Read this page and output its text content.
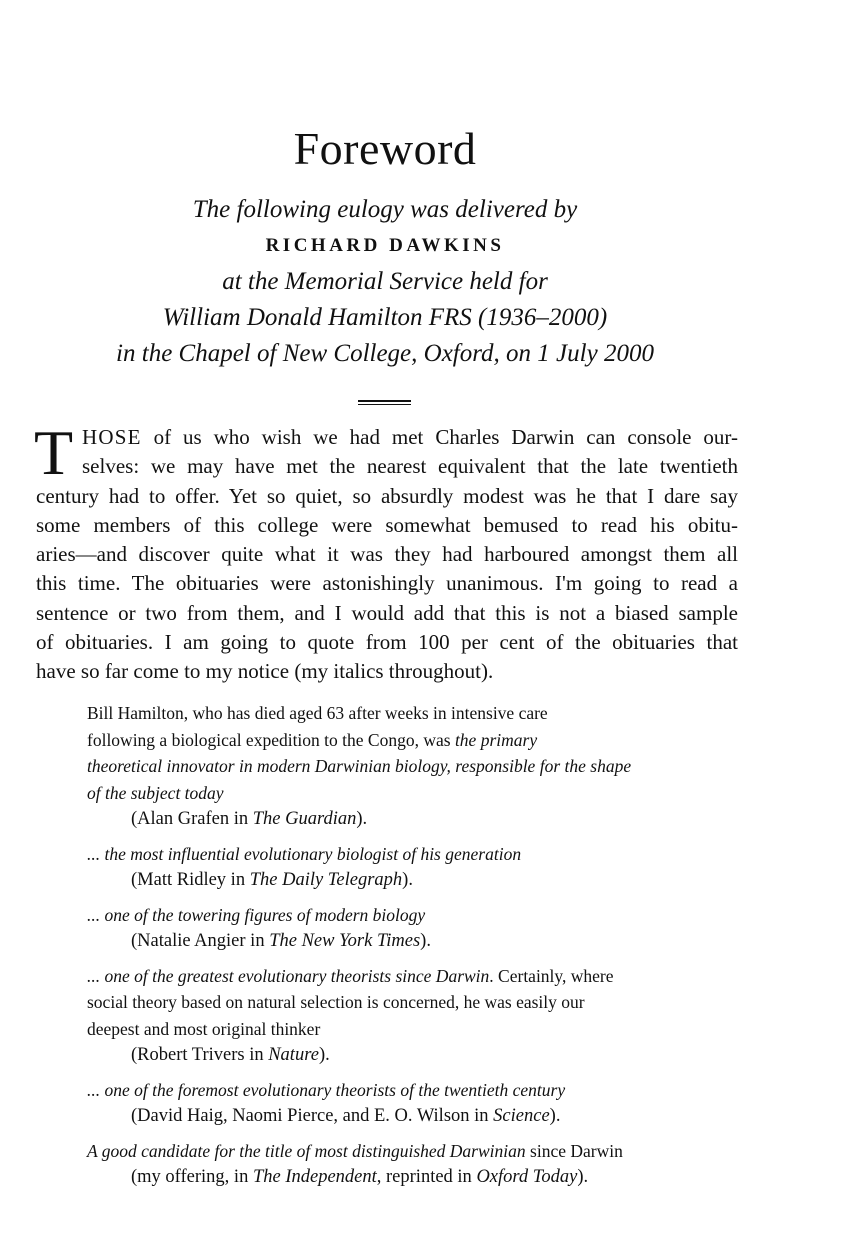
Foreword
The following eulogy was delivered by
RICHARD DAWKINS
at the Memorial Service held for
William Donald Hamilton FRS (1936–2000)
in the Chapel of New College, Oxford, on 1 July 2000
T HOSE of us who wish we had met Charles Darwin can console our-
selves: we may have met the nearest equivalent that the late twentieth
century had to offer. Yet so quiet, so absurdly modest was he that I dare say
some members of this college were somewhat bemused to read his obitu-
aries—and discover quite what it was they had harboured amongst them all
this time. The obituaries were astonishingly unanimous. I'm going to read a
sentence or two from them, and I would add that this is not a biased sample
of obituaries. I am going to quote from 100 per cent of the obituaries that
have so far come to my notice (my italics throughout).
Bill Hamilton, who has died aged 63 after weeks in intensive care
following a biological expedition to the Congo, was the primary
theoretical innovator in modern Darwinian biology, responsible for the shape
of the subject today
(Alan Grafen in The Guardian).
... the most influential evolutionary biologist of his generation
(Matt Ridley in The Daily Telegraph).
... one of the towering figures of modern biology
(Natalie Angier in The New York Times).
... one of the greatest evolutionary theorists since Darwin. Certainly, where
social theory based on natural selection is concerned, he was easily our
deepest and most original thinker
(Robert Trivers in Nature).
... one of the foremost evolutionary theorists of the twentieth century
(David Haig, Naomi Pierce, and E. O. Wilson in Science).
A good candidate for the title of most distinguished Darwinian since Darwin
(my offering, in The Independent, reprinted in Oxford Today).
